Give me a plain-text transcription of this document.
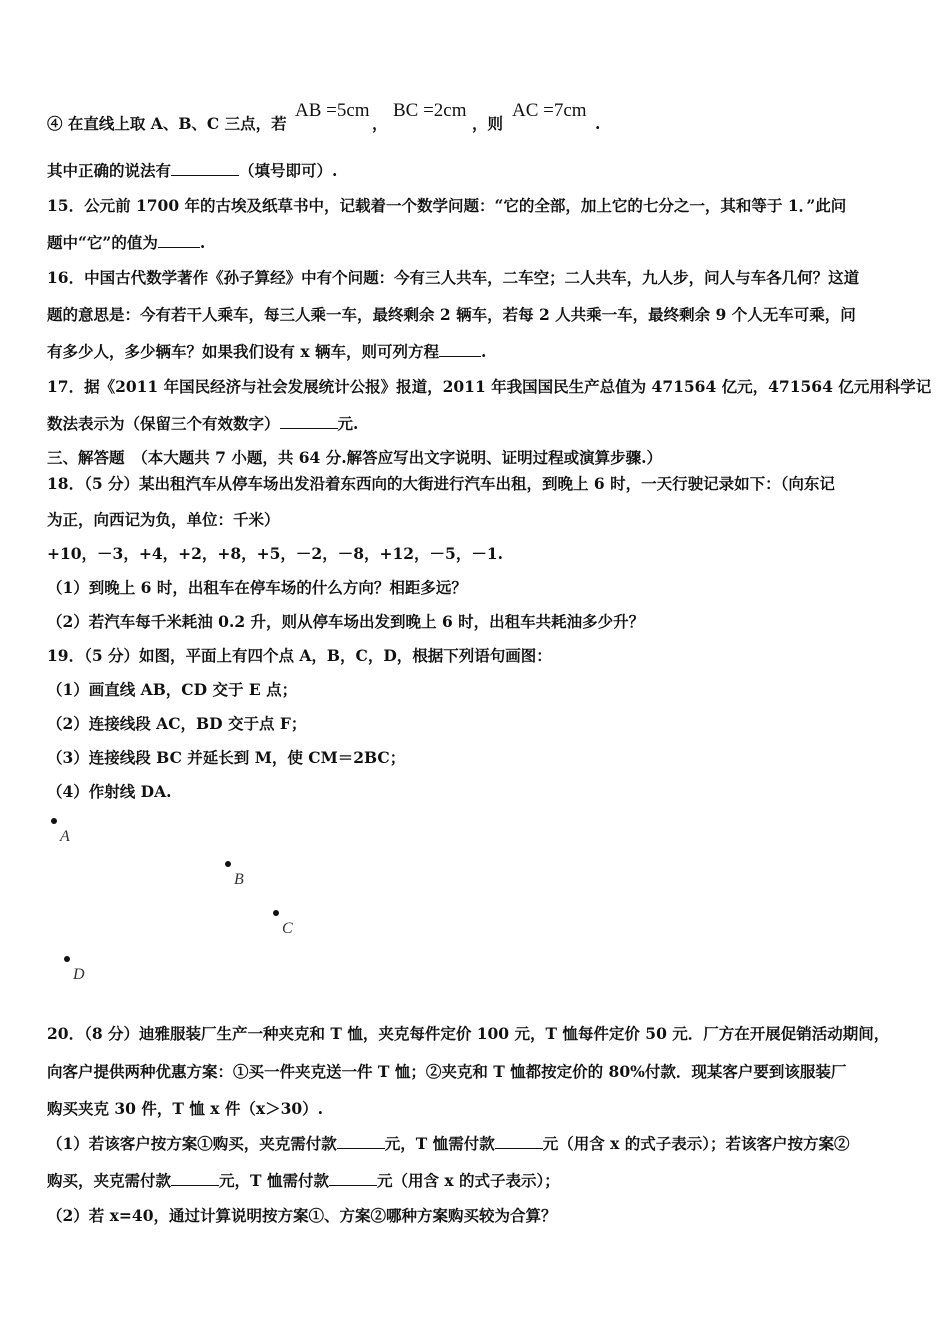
④ 在直线上取 A、B、C 三点，若
AB =5cm
，
BC =2cm
，则
AC =7cm
.
其中正确的说法有	（填号即可）.
15．公元前 1700 年的古埃及纸草书中，记载着一个数学问题：“它的全部，加上它的七分之一，其和等于 1．”此问
题中“它”的值为	.
16．中国古代数学著作《孙子算经》中有个问题：今有三人共车，二车空；二人共车，九人步，问人与车各几何？这道
题的意思是：今有若干人乘车，每三人乘一车，最终剩余 2 辆车，若每 2 人共乘一车，最终剩余 9 个人无车可乘，问
有多少人，多少辆车？如果我们设有 x 辆车，则可列方程	.
17．据《2011 年国民经济与社会发展统计公报》报道，2011 年我国国民生产总值为 471564 亿元，471564 亿元用科学记
数法表示为（保留三个有效数字）	元.
三、解答题　（本大题共 7 小题，共 64 分.解答应写出文字说明、证明过程或演算步骤.）
18．（5 分）某出租汽车从停车场出发沿着东西向的大街进行汽车出租，到晚上 6 时，一天行驶记录如下：（向东记
为正，向西记为负，单位：千米）
+10，－3，+4，+2，+8，+5，－2，－8，+12，－5，－1.
（1）到晚上 6 时，出租车在停车场的什么方向？相距多远？
（2）若汽车每千米耗油 0.2 升，则从停车场出发到晚上 6 时，出租车共耗油多少升？
19．（5 分）如图，平面上有四个点 A，B，C，D，根据下列语句画图：
（1）画直线 AB，CD 交于 E 点；
（2）连接线段 AC，BD 交于点 F；
（3）连接线段 BC 并延长到 M，使 CM＝2BC；
（4）作射线 DA.
A
B
C
D
20．（8 分）迪雅服装厂生产一种夹克和 T 恤，夹克每件定价 100 元，T 恤每件定价 50 元．厂方在开展促销活动期间，
向客户提供两种优惠方案：①买一件夹克送一件 T 恤；②夹克和 T 恤都按定价的 80%付款．现某客户要到该服装厂
购买夹克 30 件，T 恤 x 件（x＞30）.
（1）若该客户按方案①购买，夹克需付款	元，T 恤需付款	元（用含 x 的式子表示）；若该客户按方案②
购买，夹克需付款	元，T 恤需付款	元（用含 x 的式子表示）；
（2）若 x=40，通过计算说明按方案①、方案②哪种方案购买较为合算？
